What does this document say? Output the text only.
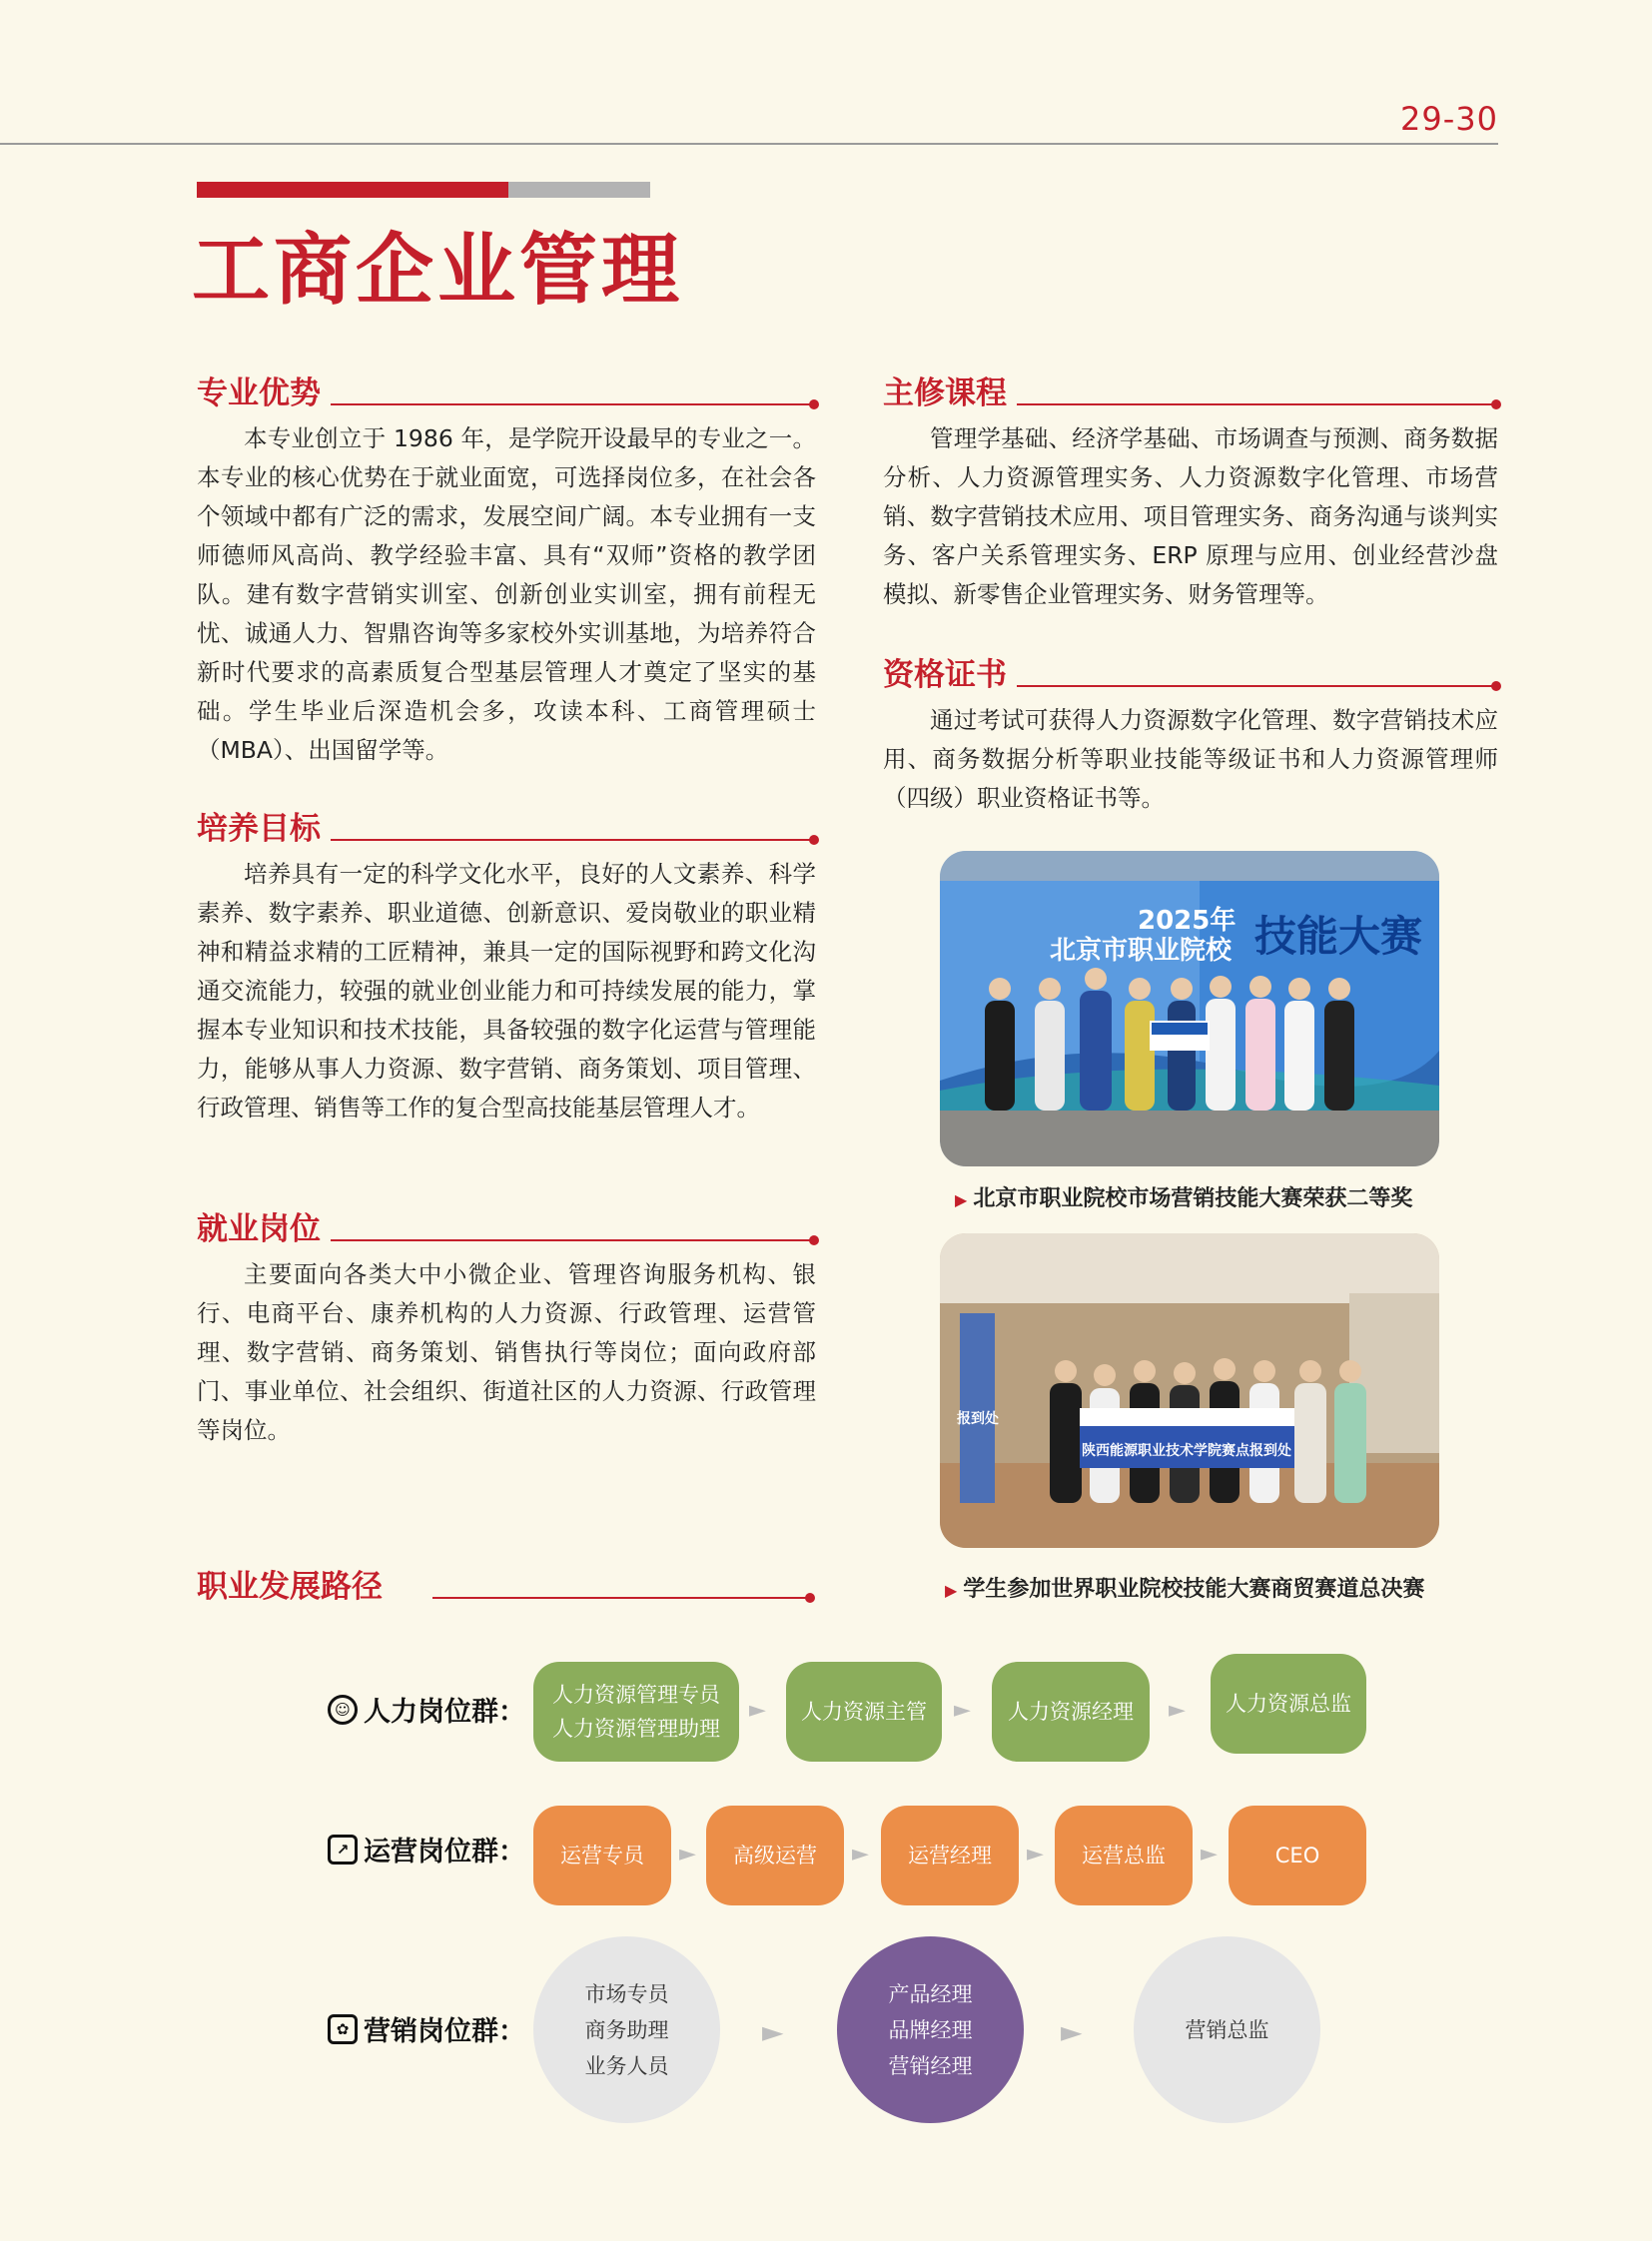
29-30
工商企业管理
专业优势
本专业创立于 1986 年，是学院开设最早的专业之一。本专业的核心优势在于就业面宽，可选择岗位多，在社会各个领域中都有广泛的需求，发展空间广阔。本专业拥有一支师德师风高尚、教学经验丰富、具有“双师”资格的教学团队。建有数字营销实训室、创新创业实训室，拥有前程无忧、诚通人力、智鼎咨询等多家校外实训基地，为培养符合新时代要求的高素质复合型基层管理人才奠定了坚实的基础。学生毕业后深造机会多，攻读本科、工商管理硕士（MBA）、出国留学等。
培养目标
培养具有一定的科学文化水平，良好的人文素养、科学素养、数字素养、职业道德、创新意识、爱岗敬业的职业精神和精益求精的工匠精神，兼具一定的国际视野和跨文化沟通交流能力，较强的就业创业能力和可持续发展的能力，掌握本专业知识和技术技能，具备较强的数字化运营与管理能力，能够从事人力资源、数字营销、商务策划、项目管理、行政管理、销售等工作的复合型高技能基层管理人才。
就业岗位
主要面向各类大中小微企业、管理咨询服务机构、银行、电商平台、康养机构的人力资源、行政管理、运营管理、数字营销、商务策划、销售执行等岗位；面向政府部门、事业单位、社会组织、街道社区的人力资源、行政管理等岗位。
主修课程
管理学基础、经济学基础、市场调查与预测、商务数据分析、人力资源管理实务、人力资源数字化管理、市场营销、数字营销技术应用、项目管理实务、商务沟通与谈判实务、客户关系管理实务、ERP 原理与应用、创业经营沙盘模拟、新零售企业管理实务、财务管理等。
资格证书
通过考试可获得人力资源数字化管理、数字营销技术应用、商务数据分析等职业技能等级证书和人力资源管理师（四级）职业资格证书等。
2025年
北京市职业院校 技能大赛
▶ 北京市职业院校市场营销技能大赛荣获二等奖
报到处
陕西能源职业技术学院赛点报到处
▶ 学生参加世界职业院校技能大赛商贸赛道总决赛
职业发展路径
☺ 人力岗位群：
人力资源管理专员
人力资源管理助理
► 人力资源主管 ► 人力资源经理 ► 人力资源总监
↗ 运营岗位群：	运营专员	►	高级运营	►	运营经理	►	运营总监	►	CEO
✿ 营销岗位群：
市场专员
商务助理
业务人员
►
产品经理
品牌经理
营销经理
►	营销总监
